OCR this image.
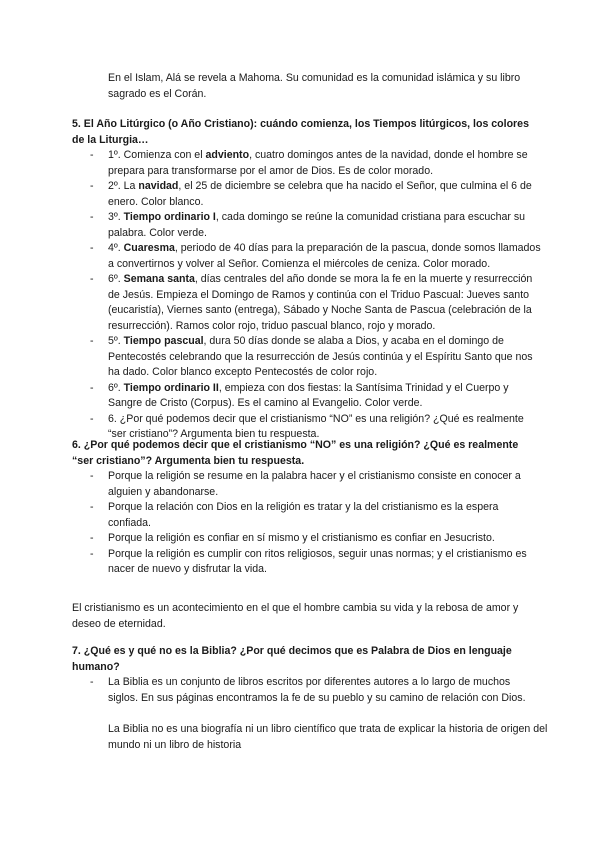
En el Islam, Alá se revela a Mahoma. Su comunidad es la comunidad islámica y su libro sagrado es el Corán.
5. El Año Litúrgico (o Año Cristiano): cuándo comienza, los Tiempos litúrgicos, los colores de la Liturgia…
- 1º. Comienza con el adviento, cuatro domingos antes de la navidad, donde el hombre se prepara para transformarse por el amor de Dios. Es de color morado.
- 2º. La navidad, el 25 de diciembre se celebra que ha nacido el Señor, que culmina el 6 de enero. Color blanco.
- 3º. Tiempo ordinario I, cada domingo se reúne la comunidad cristiana para escuchar su palabra. Color verde.
- 4º. Cuaresma, periodo de 40 días para la preparación de la pascua, donde somos llamados a convertirnos y volver al Señor. Comienza el miércoles de ceniza. Color morado.
- 6º. Semana santa, días centrales del año donde se mora la fe en la muerte y resurrección de Jesús. Empieza el Domingo de Ramos y continúa con el Triduo Pascual: Jueves santo (eucaristía), Viernes santo (entrega), Sábado y Noche Santa de Pascua (celebración de la resurrección). Ramos color rojo, triduo pascual blanco, rojo y morado.
- 5º. Tiempo pascual, dura 50 días donde se alaba a Dios, y acaba en el domingo de Pentecostés celebrando que la resurrección de Jesús continúa y el Espíritu Santo que nos ha dado. Color blanco excepto Pentecostés de color rojo.
- 6º. Tiempo ordinario II, empieza con dos fiestas: la Santísima Trinidad y el Cuerpo y Sangre de Cristo (Corpus). Es el camino al Evangelio. Color verde.
- 6. ¿Por qué podemos decir que el cristianismo “NO” es una religión? ¿Qué es realmente “ser cristiano”? Argumenta bien tu respuesta.
6. ¿Por qué podemos decir que el cristianismo “NO” es una religión? ¿Qué es realmente “ser cristiano”? Argumenta bien tu respuesta.
- Porque la religión se resume en la palabra hacer y el cristianismo consiste en conocer a alguien y abandonarse.
- Porque la relación con Dios en la religión es tratar y la del cristianismo es la espera confiada.
- Porque la religión es confiar en sí mismo y el cristianismo es confiar en Jesucristo.
- Porque la religión es cumplir con ritos religiosos, seguir unas normas; y el cristianismo es nacer de nuevo y disfrutar la vida.
El cristianismo es un acontecimiento en el que el hombre cambia su vida y la rebosa de amor y deseo de eternidad.
7. ¿Qué es y qué no es la Biblia? ¿Por qué decimos que es Palabra de Dios en lenguaje humano?
- La Biblia es un conjunto de libros escritos por diferentes autores a lo largo de muchos siglos. En sus páginas encontramos la fe de su pueblo y su camino de relación con Dios.
La Biblia no es una biografía ni un libro científico que trata de explicar la historia de origen del mundo ni un libro de historia
